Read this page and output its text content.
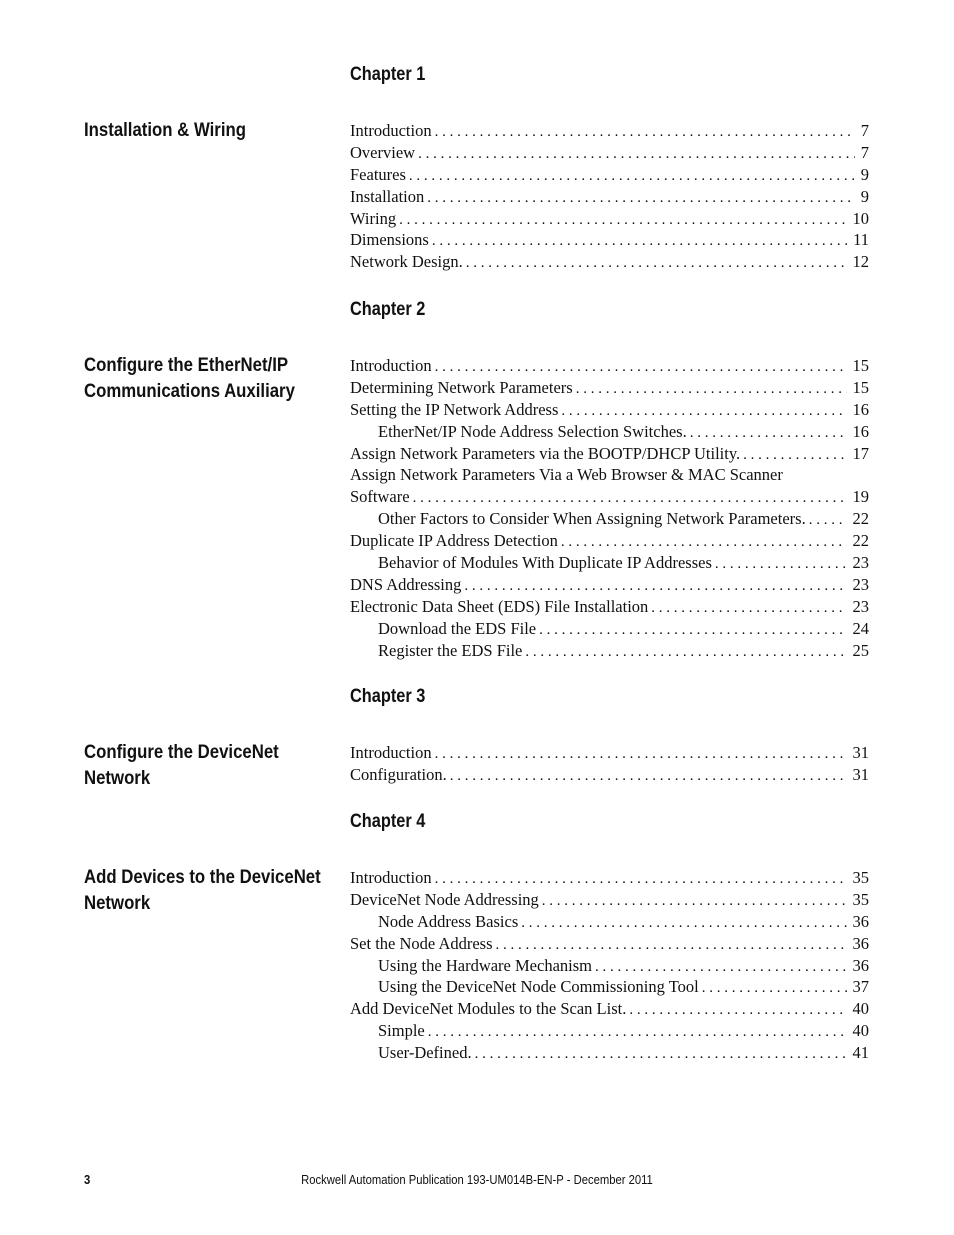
Chapter 1
Installation & Wiring	Introduction . . .	7
Overview . . .	7
Features . . .	9
Installation . . .	9
Wiring . . .	10
Dimensions . . .	11
Network Design. . . .	12
Chapter 2
Configure the EtherNet/IP Communications Auxiliary
Introduction . . .	15
Determining Network Parameters . . .	15
Setting the IP Network Address . . .	16
EtherNet/IP Node Address Selection Switches. . . .	16
Assign Network Parameters via the BOOTP/DHCP Utility. . . .	17
Assign Network Parameters Via a Web Browser & MAC Scanner
Software . . .	19
Other Factors to Consider When Assigning Network Parameters. . . .	22
Duplicate IP Address Detection . . .	22
Behavior of Modules With Duplicate IP Addresses . . .	23
DNS Addressing . . .	23
Electronic Data Sheet (EDS) File Installation . . .	23
Download the EDS File . . .	24
Register the EDS File . . .	25
Chapter 3
Configure the DeviceNet Network
Introduction . . .	31
Configuration. . . .	31
Chapter 4
Add Devices to the DeviceNet Network
Introduction . . .	35
DeviceNet Node Addressing . . .	35
Node Address Basics . . .	36
Set the Node Address . . .	36
Using the Hardware Mechanism . . .	36
Using the DeviceNet Node Commissioning Tool . . .	37
Add DeviceNet Modules to the Scan List. . . .	40
Simple . . .	40
User-Defined. . . .	41
Rockwell Automation Publication 193-UM014B-EN-P - December 2011
3
